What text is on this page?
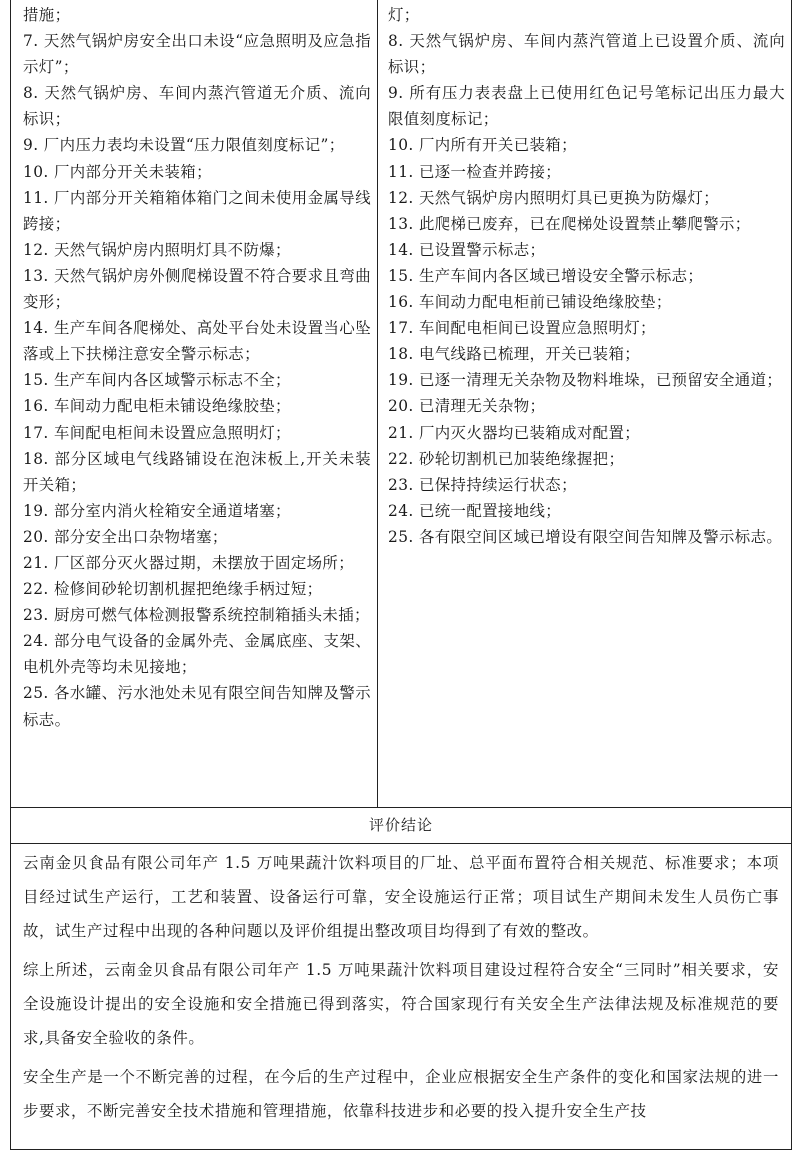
措施；

7. 天然气锅炉房安全出口未设“应急照明及应急指示灯”；

8. 天然气锅炉房、车间内蒸汽管道无介质、流向标识；

9. 厂内压力表均未设置“压力限值刻度标记”；

10. 厂内部分开关未装箱；

11. 厂内部分开关箱箱体箱门之间未使用金属导线跨接；

12. 天然气锅炉房内照明灯具不防爆；

13. 天然气锅炉房外侧爬梯设置不符合要求且弯曲变形；

14. 生产车间各爬梯处、高处平台处未设置当心坠落或上下扶梯注意安全警示标志；

15. 生产车间内各区域警示标志不全；

16. 车间动力配电柜未铺设绝缘胶垫；

17. 车间配电柜间未设置应急照明灯；

18. 部分区域电气线路铺设在泡沫板上,开关未装开关箱；

19. 部分室内消火栓箱安全通道堵塞；

20. 部分安全出口杂物堵塞；

21. 厂区部分灭火器过期，未摆放于固定场所；

22. 检修间砂轮切割机握把绝缘手柄过短；

23. 厨房可燃气体检测报警系统控制箱插头未插；

24. 部分电气设备的金属外壳、金属底座、支架、电机外壳等均未见接地；

25. 各水罐、污水池处未见有限空间告知牌及警示标志。

灯；

8. 天然气锅炉房、车间内蒸汽管道上已设置介质、流向标识；

9. 所有压力表表盘上已使用红色记号笔标记出压力最大限值刻度标记；

10. 厂内所有开关已装箱；

11. 已逐一检查并跨接；

12. 天然气锅炉房内照明灯具已更换为防爆灯；

13. 此爬梯已废弃，已在爬梯处设置禁止攀爬警示；

14. 已设置警示标志；

15. 生产车间内各区域已增设安全警示标志；

16. 车间动力配电柜前已铺设绝缘胶垫；

17. 车间配电柜间已设置应急照明灯；

18. 电气线路已梳理，开关已装箱；

19. 已逐一清理无关杂物及物料堆垛，已预留安全通道；

20. 已清理无关杂物；

21. 厂内灭火器均已装箱成对配置；

22. 砂轮切割机已加装绝缘握把；

23. 已保持持续运行状态；

24. 已统一配置接地线；

25. 各有限空间区域已增设有限空间告知牌及警示标志。

评价结论

云南金贝食品有限公司年产 1.5 万吨果蔬汁饮料项目的厂址、总平面布置符合相关规范、标准要求；本项目经过试生产运行，工艺和装置、设备运行可靠，安全设施运行正常；项目试生产期间未发生人员伤亡事故，试生产过程中出现的各种问题以及评价组提出整改项目均得到了有效的整改。

综上所述，云南金贝食品有限公司年产 1.5 万吨果蔬汁饮料项目建设过程符合安全“三同时”相关要求，安全设施设计提出的安全设施和安全措施已得到落实，符合国家现行有关安全生产法律法规及标准规范的要求,具备安全验收的条件。

安全生产是一个不断完善的过程，在今后的生产过程中，企业应根据安全生产条件的变化和国家法规的进一步要求，不断完善安全技术措施和管理措施，依靠科技进步和必要的投入提升安全生产技
